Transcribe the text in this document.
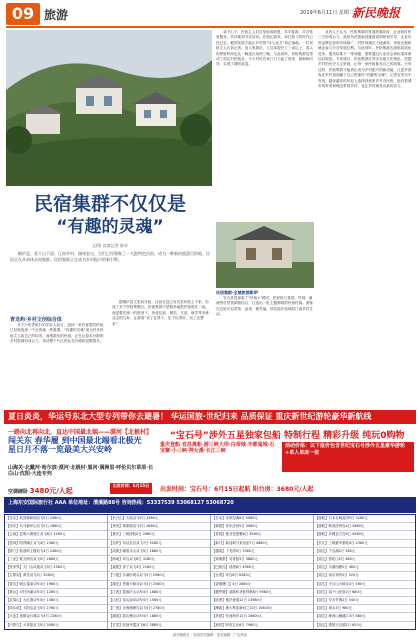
09 旅游	2019年6月11日 星期二
新民晚报
民宿集群不仅仅是
“有趣的灵魂”
文/图 首席记者 陈卓
桐庐县、莫干山下面、江南乡村、湖州安吉，它们已经聚集了一大批特色民宿，成为一种新的旅游目的地。民宿正在从单体走向集群，民宿集群正在成为乡村振兴的新引擎。
青龙屿·乡村文创综合体
对不少热衷旅行的年轻人而言，选择一家有意思的民宿，已经和选择一个目的地一样重要。“有趣的灵魂”成为许多民宿主人给自己的标签，而集群化的民宿，正在让原本分散的乡村资源形成合力，带动整个片区的业态升级和品牌提升。
据桐庐县文旅局介绍，目前全县已有各类民宿上千家，形成了多个民宿集聚区。民宿集群不是简单地把民宿堆在一起，而是要在统一的规划下，形成住宿、餐饮、文创、研学等多种业态的互补，让游客“来了住得下、住下玩得好、玩了还想来”。
莫干山下，民宿主人们自发组成联盟，共享客源、共享管家服务，共同策划节庆活动。在他们看来，单打独斗的时代已经过去，抱团发展才能让乡村的“诗与远方”真正落地。一位民宿主人告诉记者，加入集群后，入住率提升了三成以上，客人的停留时间也从一晚延长到两三晚。与此同时，民宿集群也带动了周边村民就业，不少村民在家门口当起了管家、厨师和向导，实现了增收致富。
民宿集群·全域旅游新IP
安吉县则探索了“民宿+”模式，把民宿与茶园、竹林、溪流等自然资源相结合，打造出一批主题鲜明的民宿村落。游客在这里可以采茶、品茶、做竹编，体验原汁原味的江南乡村生活。
业内人士认为，民宿集群的发展需要政府、企业和村民三方形成合力。政府负责基础设施建设和规划引导，企业负责品牌运营和市场推广，村民则通过土地流转、房屋出租和就业参与分享发展红利。与此同时，民宿集群也面临同质化竞争、服务标准不一等问题，需要通过行业协会和标准体系加以规范。专家建议，民宿集群应突出在地文化特色，挖掘乡村的历史人文资源，让每一家民宿都有自己的故事。只有这样，民宿集群才能真正成为乡村振兴的新动能，让更多游客在乡村找到属于自己的那份“有趣的灵魂”。记者在采访中发现，越来越多的年轻人选择回到家乡开办民宿，他们把城市的审美和理念带回乡村，也让乡村焕发出新的活力。
夏日炎炎，华运号东北大型专列带你去避暑！ 华运国旅·世纪归来 品质保证 重庆新世纪游轮豪华新航线
一路向北再向北，直达中国最北端——漠河【北极村】
闯关东 春华履 到中国最北端看北极光 星日月不落一览最美大兴安岭
山海关·北戴河·哈尔滨·漠河·北极村·黑河·满洲里·呼伦贝尔草原·长白山·沈阳·大连专列
空调硬卧 3480元/人起
出发时间：6月15日
“宝石号”涉外五星独家包船 特制行程 精彩升级 纯玩0购物
重庆登船·宜昌离船·游三峡大坝·白帝城·丰都鬼城·石宝寨·小三峡·神女溪·长江三峡
活动价格：以下报价包含世纪宝石号涉外五星豪华游轮+单人单床一张
出发时间：宝石号：6月15日起航 阳台房：3680元/人起
上海东安国际旅行社 AAA 单位地址：漕溪路88号 咨询热线：53337539 53068127 53068720
【北京】故宫颐和园双飞5日 2980元
【西安】兵马俑华山双飞5日 2680元
【云南】昆明大理丽江双飞6日 3180元
【桂林】阳朔漓江双飞4日 2380元
【厦门】鼓浪屿土楼双飞4日 2480元
【三亚】蜈支洲岛双飞5日 2880元
【张家界】天门山凤凰双飞5日 2580元
【九寨沟】黄龙双飞5日 3280元
【青岛】崂山蓬莱动车4日 1980元
【黄山】宏村西递动车3日 1280元
【武夷山】大红袍动车4日 1580元
【哈尔滨】太阳岛双飞5日 2780元
【大连】旅顺金石滩双飞4日 2280元
【内蒙古】大草原双飞5日 3080元
【长白山】天池双飞5日 3380元
【贵州】黄果树双飞5日 2680元
【重庆】三峡游轮5日 2980元
【拉萨】布达拉宫双飞7日 5280元
【成都】峨眉乐山双飞5日 2880元
【海南】环岛双飞6日 3180元
【福建】泰宁双飞4日 2180元
【宁夏】沙湖沙坡头双飞5日 2980元
【湖北】恩施大峡谷双飞5日 2580元
【江西】婺源庐山动车4日 1680元
【山东】泰山曲阜动车4日 1580元
【广西】北海涠洲岛双飞5日 2780元
【湖南】韶山衡山动车4日 1880元
【甘肃】张掖丹霞双飞6日 3880元
【日本】本州经典6日 5980元
【韩国】首尔济州5日 3980元
【泰国】曼谷芭提雅6日 3580元
【新马】新加坡马来西亚7日 4680元
【越南】下龙湾5日 2980元
【柬埔寨】吴哥窟5日 3880元
【巴厘岛】浪漫6日 4980元
【台湾】环岛8日 6280元
【香港澳门】4日 2880元
【俄罗斯】莫斯科圣彼得堡8日 9980元
【欧洲】德法意瑞12日 13980元
【澳新】澳大利亚新西兰10日 15800元
【美国】东西海岸12日 16800元
【迪拜】阿布扎比6日 7980元
【邮轮】日本长崎福冈5日 3280元
【邮轮】韩国济州岛4日 2680元
【邮轮】冲绳宫古岛6日 4580元
【长江】三峡豪华游轮4日 2380元
【周边】千岛湖2日 580元
【周边】普陀山2日 480元
【周边】乌镇西塘2日 460元
【周边】南京扬州2日 520元
【周边】天目山大峡谷2日 560元
【周边】莫干山民宿2日 680元
【周边】安吉竹海2日 540元
【周边】黄山3日 980元
【周边】雁荡山楠溪江3日 880元
【周边】溧阳天目湖2日 620元
新民晚报社 · 本版责任编辑 · 美术编辑 · 广告热线
